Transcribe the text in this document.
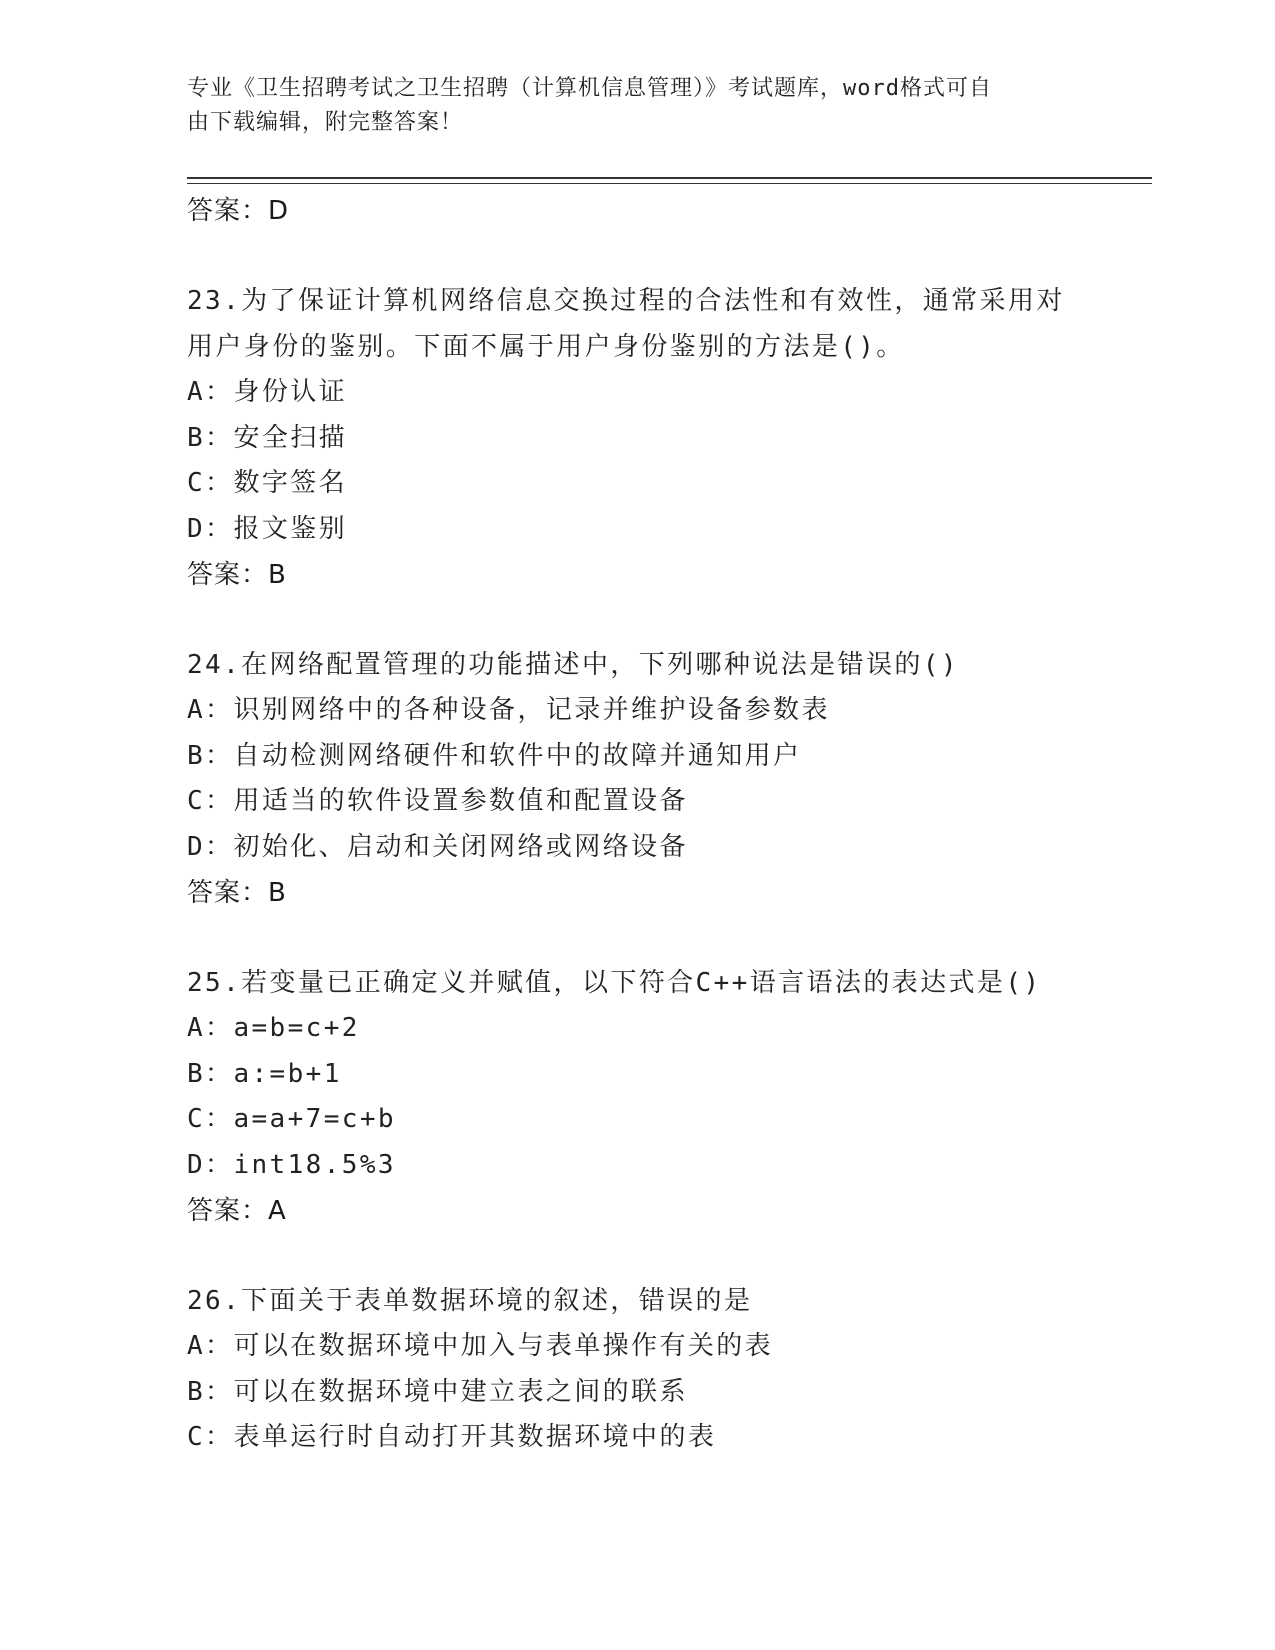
专业《卫生招聘考试之卫生招聘（计算机信息管理）》考试题库，word格式可自
由下载编辑，附完整答案！
答案：D
23.为了保证计算机网络信息交换过程的合法性和有效性，通常采用对
用户身份的鉴别。下面不属于用户身份鉴别的方法是()。
A：身份认证
B：安全扫描
C：数字签名
D：报文鉴别
答案：B
24.在网络配置管理的功能描述中，下列哪种说法是错误的()
A：识别网络中的各种设备，记录并维护设备参数表
B：自动检测网络硬件和软件中的故障并通知用户
C：用适当的软件设置参数值和配置设备
D：初始化、启动和关闭网络或网络设备
答案：B
25.若变量已正确定义并赋值，以下符合C++语言语法的表达式是()
A：a=b=c+2
B：a:=b+1
C：a=a+7=c+b
D：int18.5%3
答案：A
26.下面关于表单数据环境的叙述，错误的是
A：可以在数据环境中加入与表单操作有关的表
B：可以在数据环境中建立表之间的联系
C：表单运行时自动打开其数据环境中的表
